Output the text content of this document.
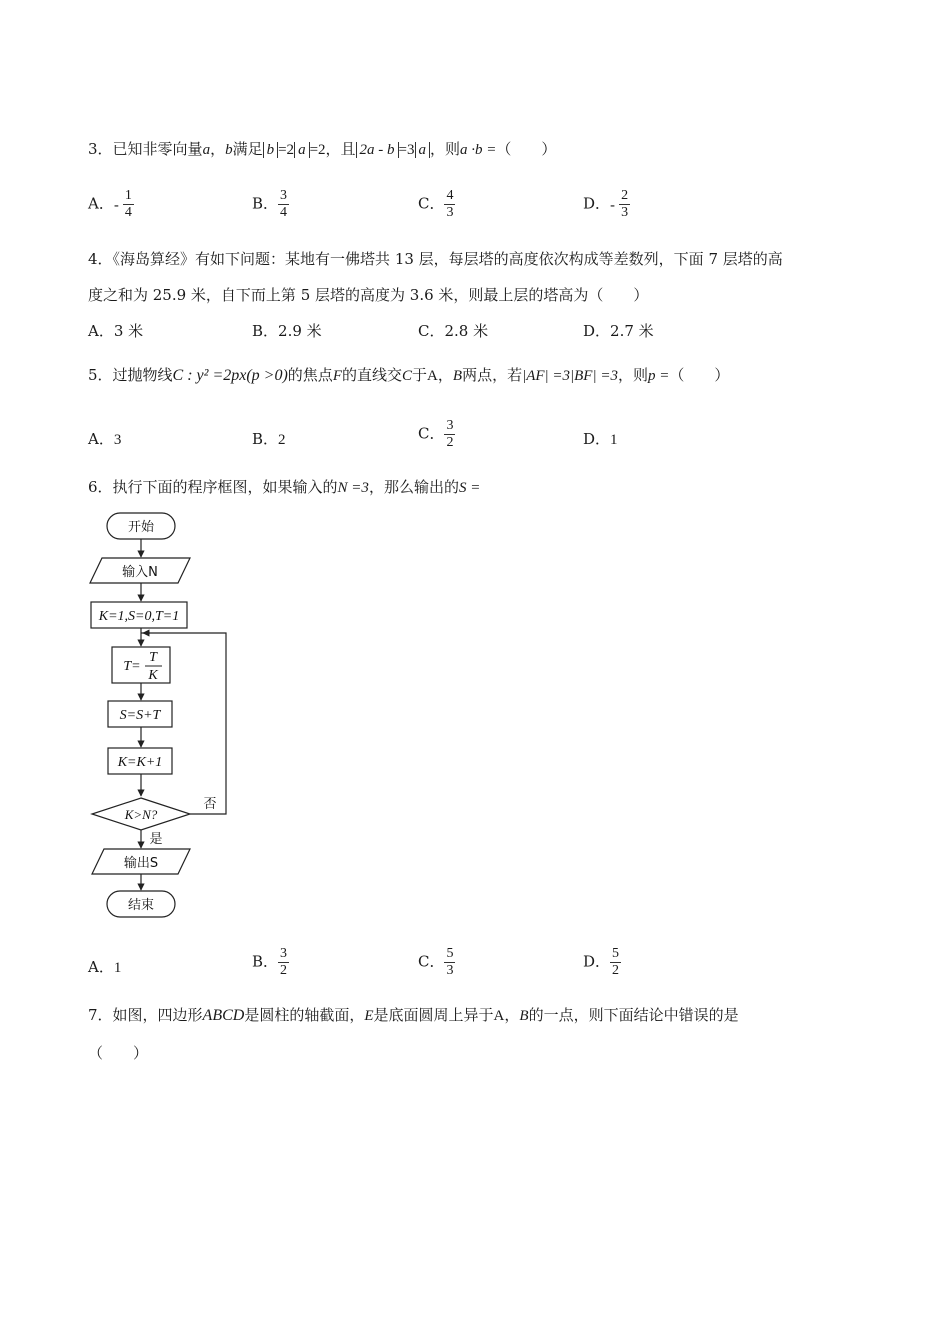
3．已知非零向量a，b满足 b =2 a =2，且 2a - b =3 a ，则a ·b =（　　）
A．- $\frac{1}{4}$	B． $\frac{3}{4}$	C． $\frac{4}{3}$	D．- $\frac{2}{3}$
4．《海岛算经》有如下问题：某地有一佛塔共 13 层，每层塔的高度依次构成等差数列，下面 7 层塔的高
度之和为 25.9 米，自下而上第 5 层塔的高度为 3.6 米，则最上层的塔高为（　　）
A．3 米	B．2.9 米	C．2.8 米	D．2.7 米
5．过抛物线C : y² =2px(p >0)的焦点F的直线交C于A，B两点，若|AF| =3|BF| =3，则p =（　　）
A．3	B．2	C． $\frac{3}{2}$	D．1
6．执行下面的程序框图，如果输入的N =3，那么输出的S =
开始
输入N
K=1,S=0,T=1
T=
T
K
S=S+T
K=K+1
K>N?
否
是
输出S
结束
A．1	B． $\frac{3}{2}$	C． $\frac{5}{3}$	D． $\frac{5}{2}$
7．如图，四边形ABCD是圆柱的轴截面，E是底面圆周上异于A，B的一点，则下面结论中错误的是
（　　）
